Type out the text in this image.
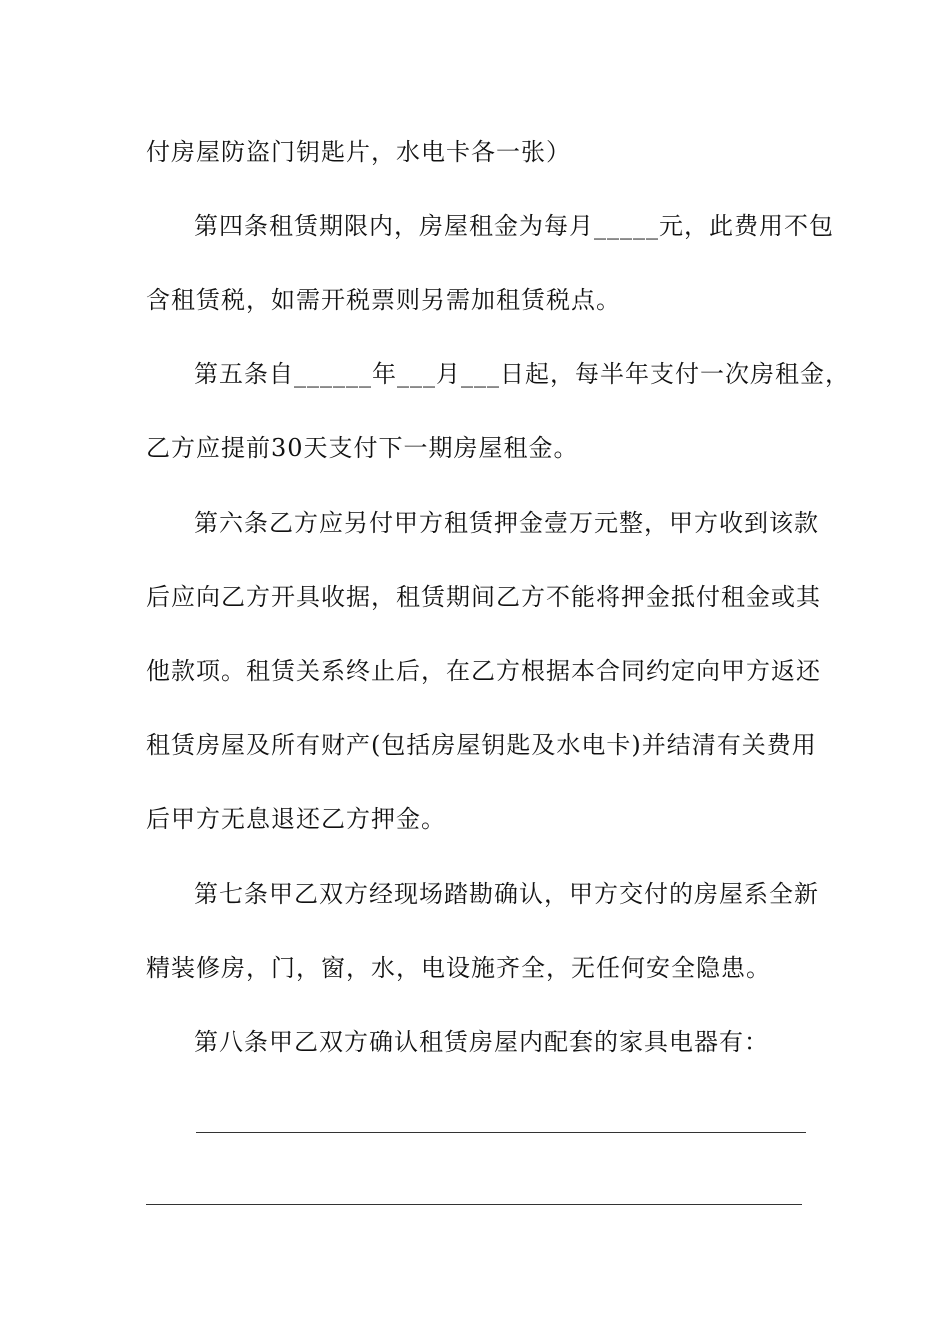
付房屋防盗门钥匙片，水电卡各一张）
第四条租赁期限内，房屋租金为每月_____元，此费用不包
含租赁税，如需开税票则另需加租赁税点。
第五条自______年___月___日起，每半年支付一次房租金，
乙方应提前30天支付下一期房屋租金。
第六条乙方应另付甲方租赁押金壹万元整，甲方收到该款
后应向乙方开具收据，租赁期间乙方不能将押金抵付租金或其
他款项。租赁关系终止后，在乙方根据本合同约定向甲方返还
租赁房屋及所有财产(包括房屋钥匙及水电卡)并结清有关费用
后甲方无息退还乙方押金。
第七条甲乙双方经现场踏勘确认，甲方交付的房屋系全新
精装修房，门，窗，水，电设施齐全，无任何安全隐患。
第八条甲乙双方确认租赁房屋内配套的家具电器有：
